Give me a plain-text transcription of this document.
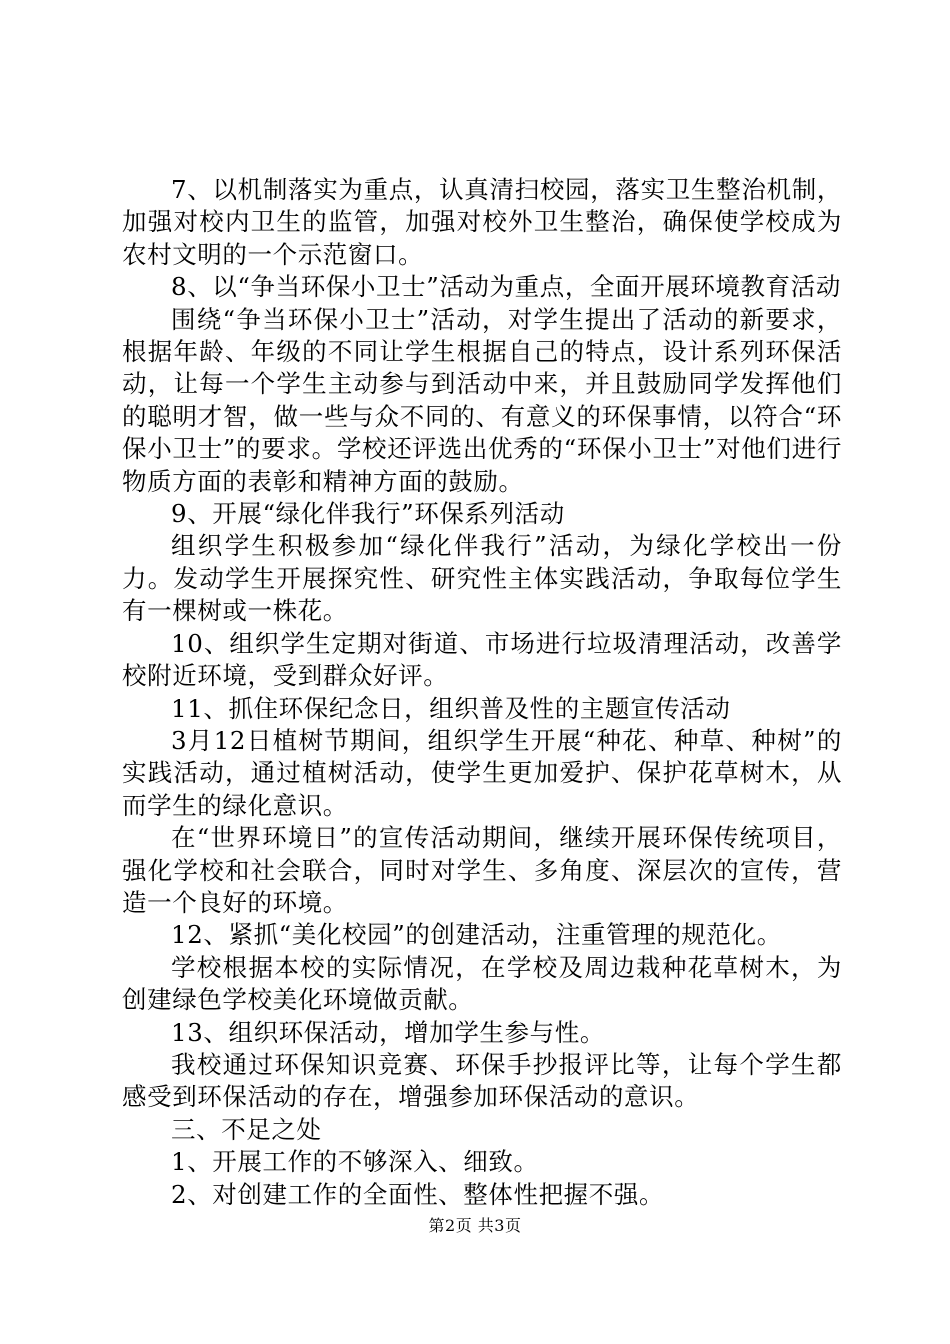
7、以机制落实为重点，认真清扫校园，落实卫生整治机制，加强对校内卫生的监管，加强对校外卫生整治，确保使学校成为农村文明的一个示范窗口。

8、以“争当环保小卫士”活动为重点，全面开展环境教育活动

围绕“争当环保小卫士”活动，对学生提出了活动的新要求，根据年龄、年级的不同让学生根据自己的特点，设计系列环保活动，让每一个学生主动参与到活动中来，并且鼓励同学发挥他们的聪明才智，做一些与众不同的、有意义的环保事情，以符合“环保小卫士”的要求。学校还评选出优秀的“环保小卫士”对他们进行物质方面的表彰和精神方面的鼓励。

9、开展“绿化伴我行”环保系列活动

组织学生积极参加“绿化伴我行”活动，为绿化学校出一份力。发动学生开展探究性、研究性主体实践活动，争取每位学生有一棵树或一株花。

10、组织学生定期对街道、市场进行垃圾清理活动，改善学校附近环境，受到群众好评。

11、抓住环保纪念日，组织普及性的主题宣传活动

3月12日植树节期间，组织学生开展“种花、种草、种树”的实践活动，通过植树活动，使学生更加爱护、保护花草树木，从而学生的绿化意识。

在“世界环境日”的宣传活动期间，继续开展环保传统项目，强化学校和社会联合，同时对学生、多角度、深层次的宣传，营造一个良好的环境。

12、紧抓“美化校园”的创建活动，注重管理的规范化。

学校根据本校的实际情况，在学校及周边栽种花草树木，为创建绿色学校美化环境做贡献。

13、组织环保活动，增加学生参与性。

我校通过环保知识竞赛、环保手抄报评比等，让每个学生都感受到环保活动的存在，增强参加环保活动的意识。

三、不足之处

1、开展工作的不够深入、细致。

2、对创建工作的全面性、整体性把握不强。

第2页 共3页
